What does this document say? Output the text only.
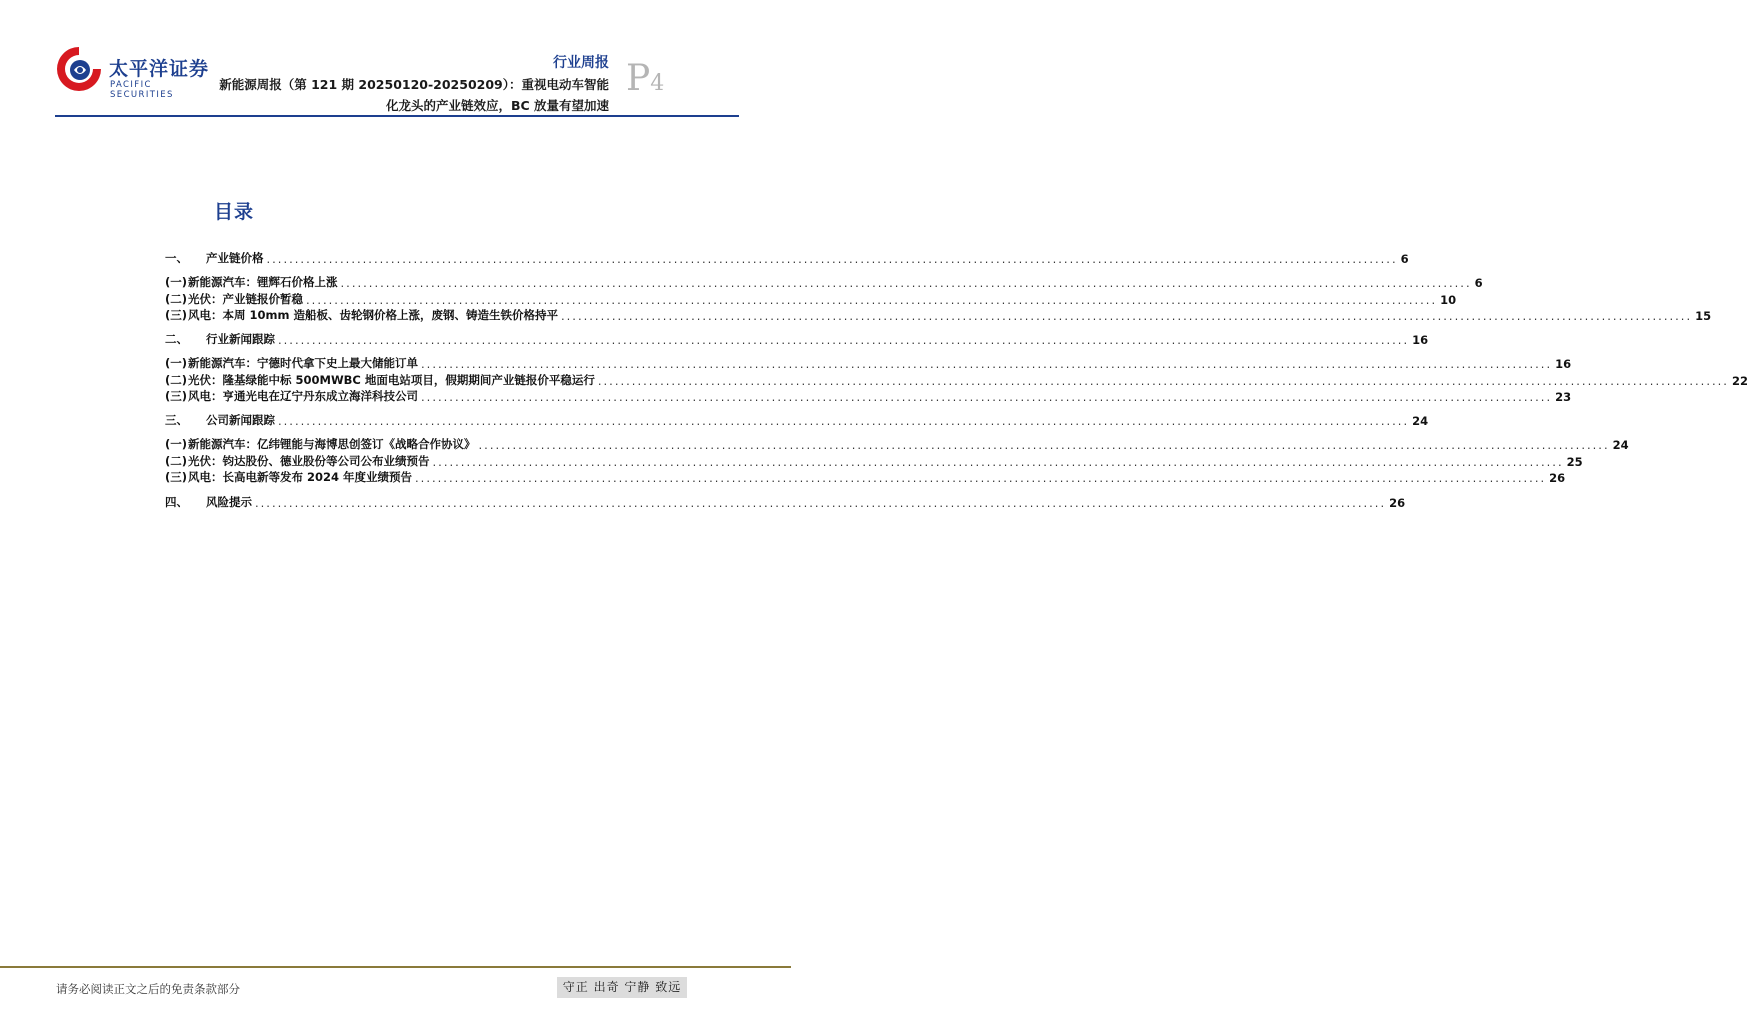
太平洋证券
PACIFIC SECURITIES
行业周报
新能源周报（第 121 期 20250120-20250209）：重视电动车智能
化龙头的产业链效应，BC 放量有望加速
P4
目录
一、	产业链价格 ........................................................................................................................................................................................................ 6
(一) 新能源汽车：锂辉石价格上涨 ........................................................................................................................................................................................................ 6
(二) 光伏：产业链报价暂稳 ........................................................................................................................................................................................................ 10
(三) 风电：本周 10mm 造船板、齿轮钢价格上涨，废钢、铸造生铁价格持平 ........................................................................................................................................................................................................ 15
二、	行业新闻跟踪 ........................................................................................................................................................................................................ 16
(一) 新能源汽车：宁德时代拿下史上最大储能订单 ........................................................................................................................................................................................................ 16
(二) 光伏：隆基绿能中标 500MWBC 地面电站项目，假期期间产业链报价平稳运行 ........................................................................................................................................................................................................ 22
(三) 风电：亨通光电在辽宁丹东成立海洋科技公司 ........................................................................................................................................................................................................ 23
三、	公司新闻跟踪 ........................................................................................................................................................................................................ 24
(一) 新能源汽车：亿纬锂能与海博思创签订《战略合作协议》 ........................................................................................................................................................................................................ 24
(二) 光伏：钧达股份、德业股份等公司公布业绩预告 ........................................................................................................................................................................................................ 25
(三) 风电：长高电新等发布 2024 年度业绩预告 ........................................................................................................................................................................................................ 26
四、	风险提示 ........................................................................................................................................................................................................ 26
请务必阅读正文之后的免责条款部分	守正 出奇 宁静 致远
